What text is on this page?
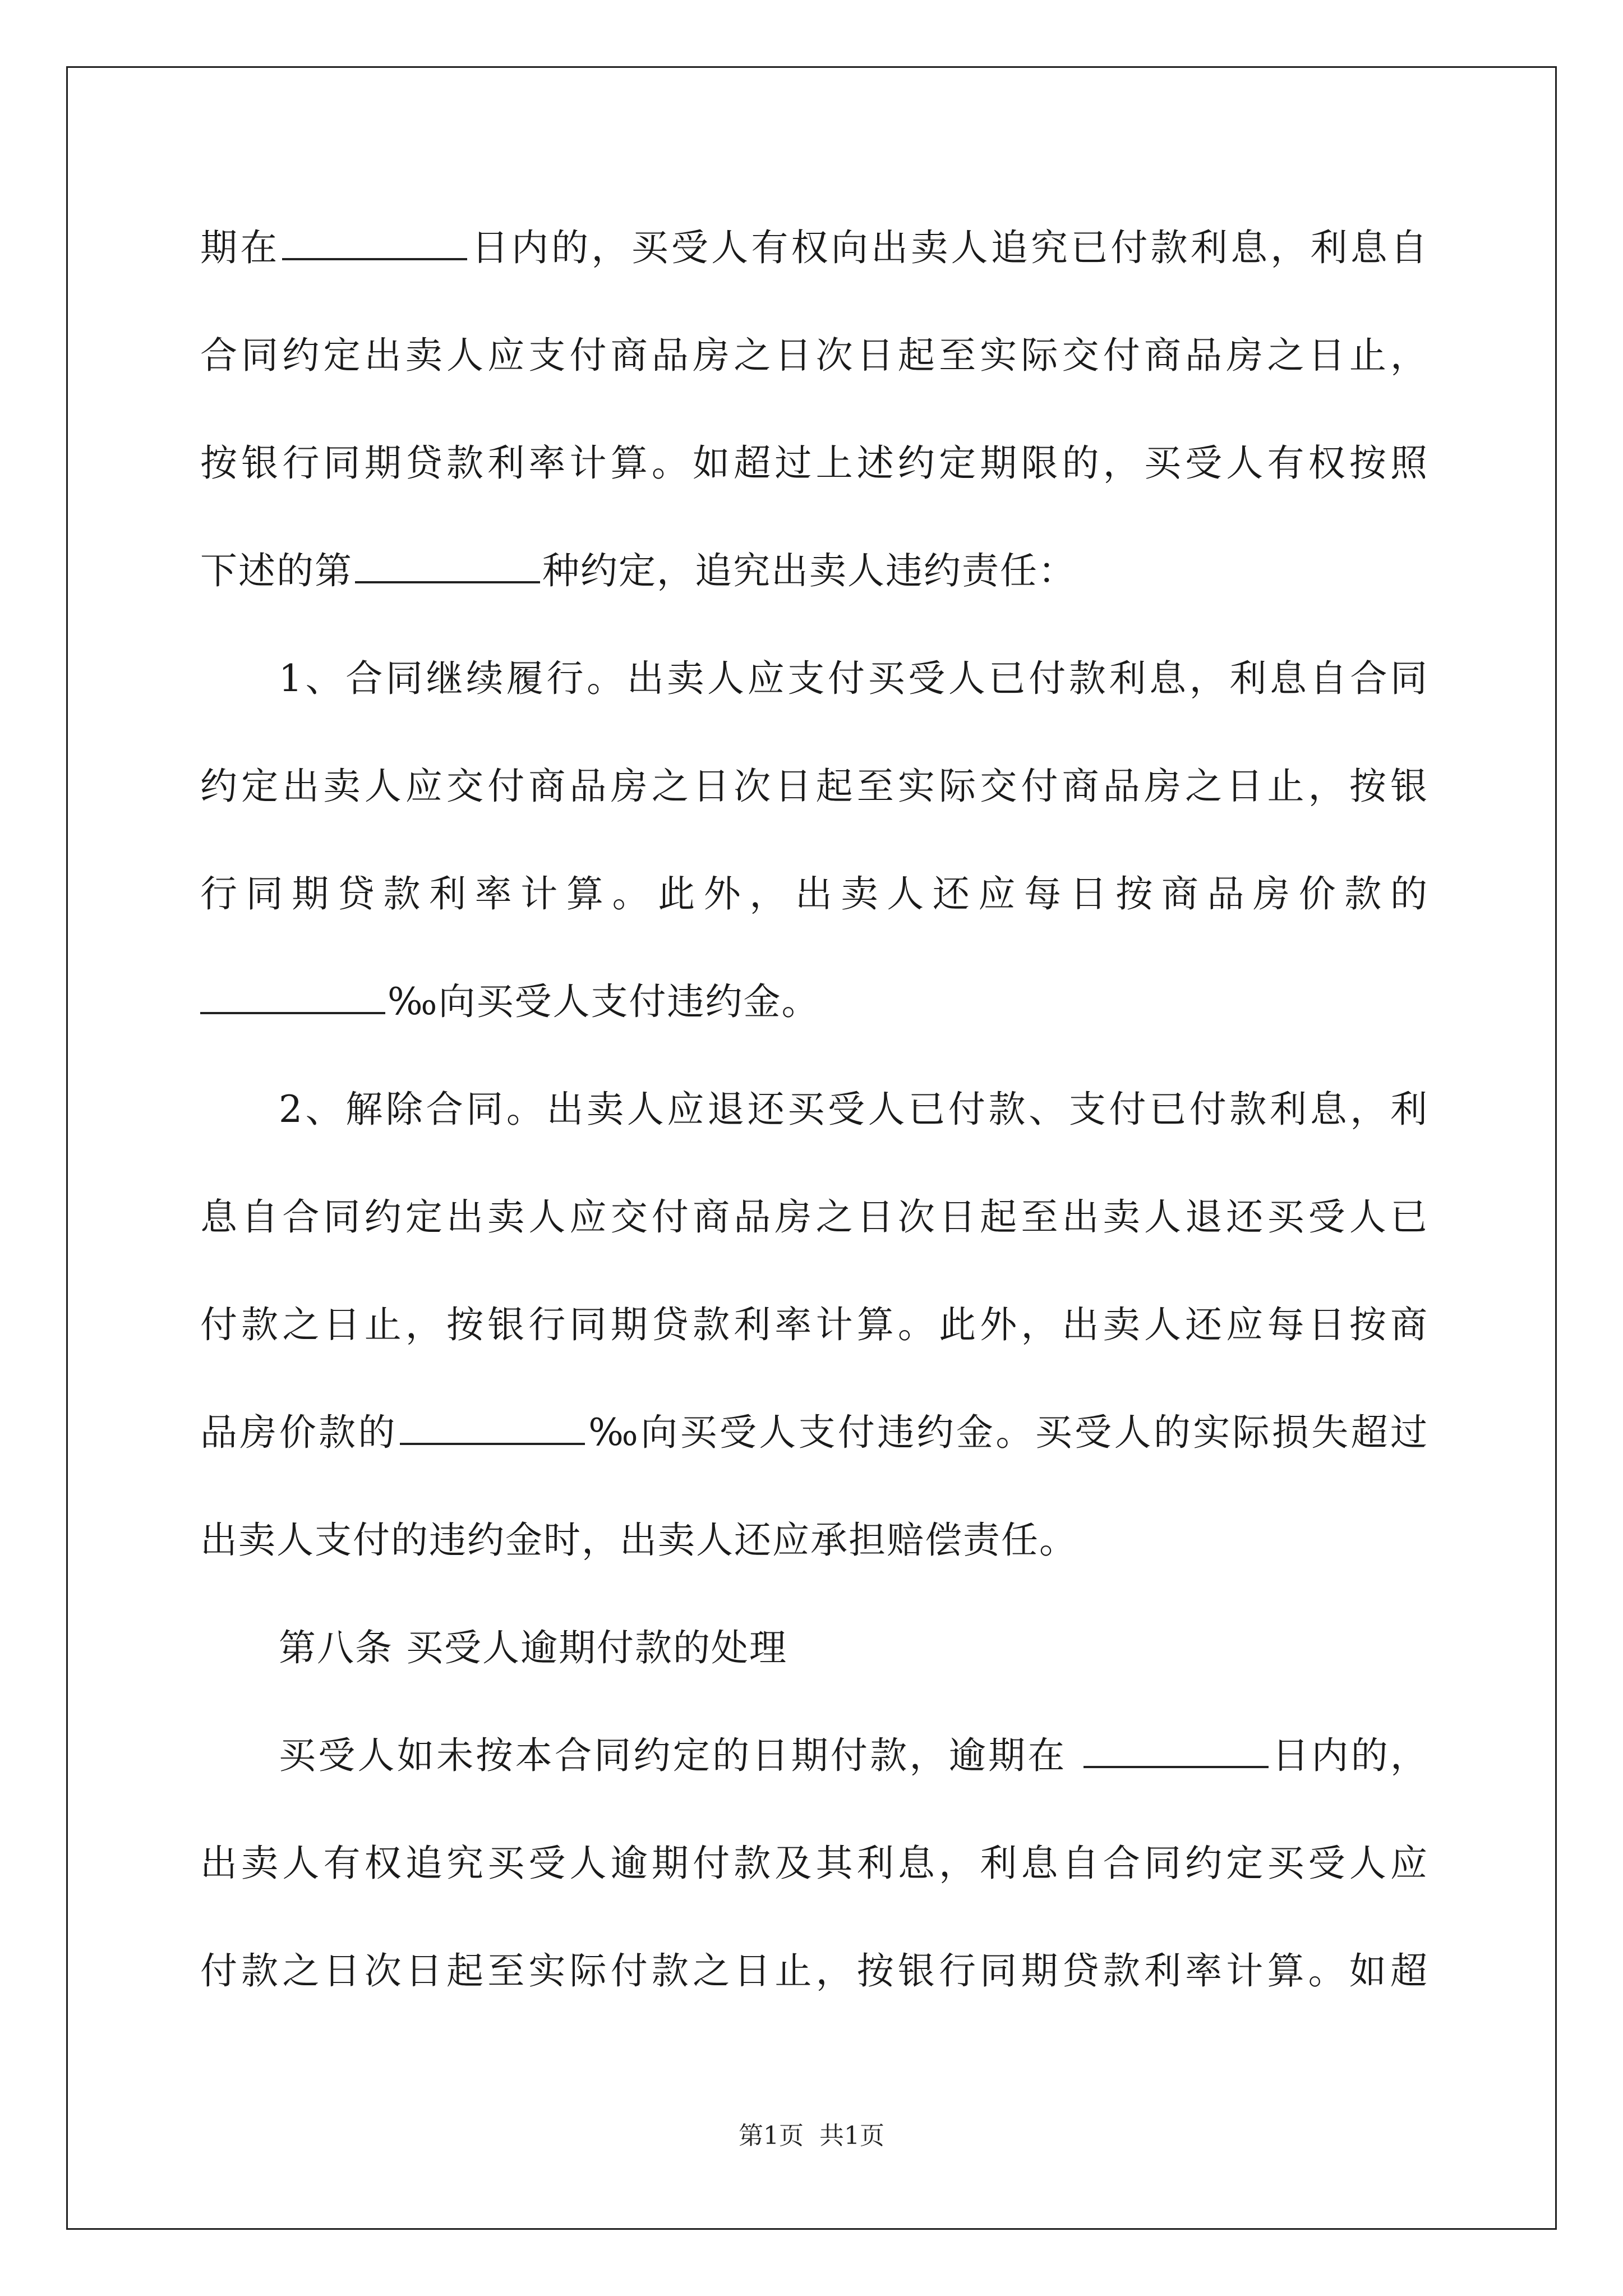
期在	日内的，买受人有权向出卖人追究已付款利息，利息自
合同约定出卖人应支付商品房之日次日起至实际交付商品房之日止，
按银行同期贷款利率计算。如超过上述约定期限的，买受人有权按照
下述的第	种约定，追究出卖人违约责任：
1、合同继续履行。出卖人应支付买受人已付款利息，利息自合同
约定出卖人应交付商品房之日次日起至实际交付商品房之日止，按银
行同期贷款利率计算。此外，出卖人还应每日按商品房价款的
‰向买受人支付违约金。
2、解除合同。出卖人应退还买受人已付款、支付已付款利息，利
息自合同约定出卖人应交付商品房之日次日起至出卖人退还买受人已
付款之日止，按银行同期贷款利率计算。此外，出卖人还应每日按商
品房价款的	‰向买受人支付违约金。买受人的实际损失超过
出卖人支付的违约金时，出卖人还应承担赔偿责任。
第八条 买受人逾期付款的处理
买受人如未按本合同约定的日期付款，逾期在	日内的，
出卖人有权追究买受人逾期付款及其利息，利息自合同约定买受人应
付款之日次日起至实际付款之日止，按银行同期贷款利率计算。如超
第1页 共1页
